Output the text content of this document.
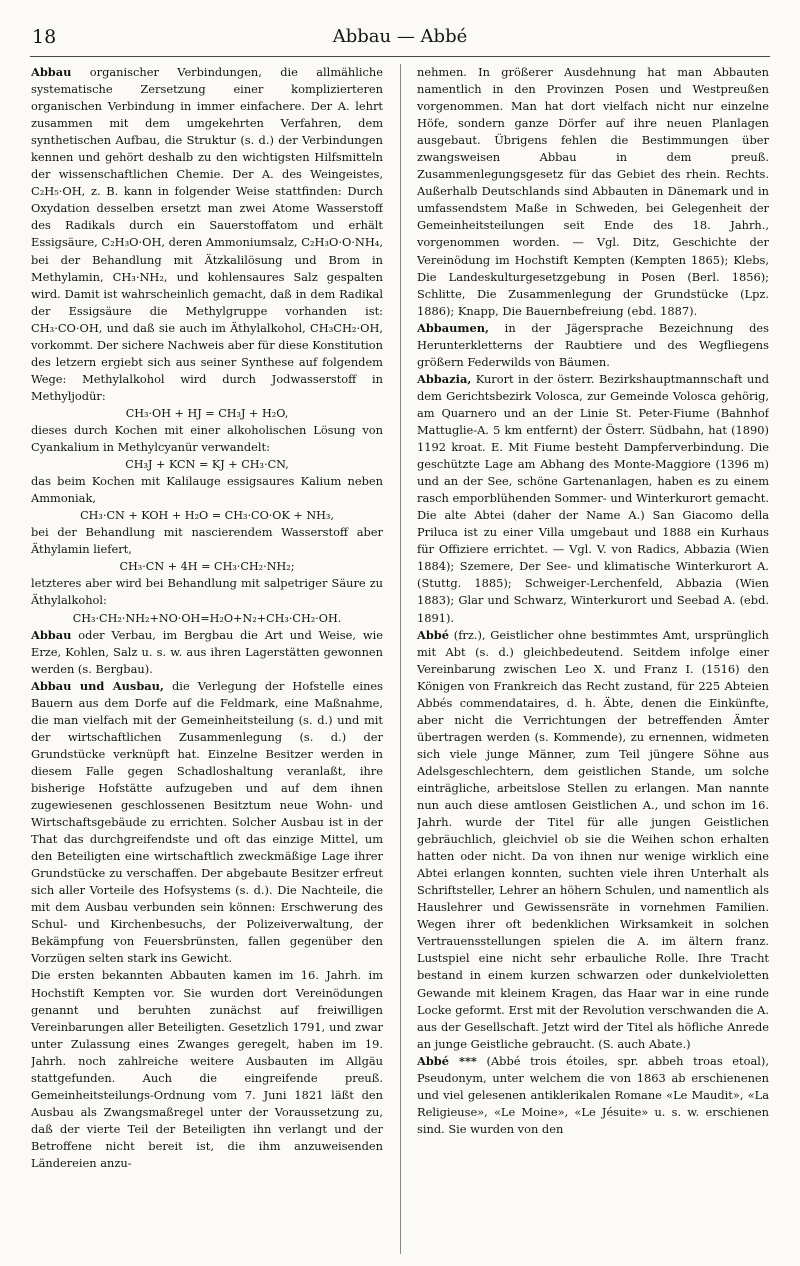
18	Abbau — Abbé

Abbau organischer Verbindungen, die allmähliche systematische Zersetzung einer komplizierteren organischen Verbindung in immer einfachere. Der A. lehrt zusammen mit dem umgekehrten Verfahren, dem synthetischen Aufbau, die Struktur (s. d.) der Verbindungen kennen und gehört deshalb zu den wichtigsten Hilfsmitteln der wissenschaftlichen Chemie. Der A. des Weingeistes, C₂H₅·OH, z. B. kann in folgender Weise stattfinden: Durch Oxydation desselben ersetzt man zwei Atome Wasserstoff des Radikals durch ein Sauerstoffatom und erhält Essigsäure, C₂H₃O·OH, deren Ammoniumsalz, C₂H₃O·O·NH₄, bei der Behandlung mit Ätzkalilösung und Brom in Methylamin, CH₃·NH₂, und kohlensaures Salz gespalten wird. Damit ist wahrscheinlich gemacht, daß in dem Radikal der Essigsäure die Methylgruppe vorhanden ist: CH₃·CO·OH, und daß sie auch im Äthylalkohol, CH₃CH₂·OH, vorkommt. Der sichere Nachweis aber für diese Konstitution des letzern ergiebt sich aus seiner Synthese auf folgendem Wege: Methylalkohol wird durch Jodwasserstoff in Methyljodür:

CH₃·OH + HJ = CH₃J + H₂O,

dieses durch Kochen mit einer alkoholischen Lösung von Cyankalium in Methylcyanür verwandelt:

CH₃J + KCN = KJ + CH₃·CN,

das beim Kochen mit Kalilauge essigsaures Kalium neben Ammoniak,

CH₃·CN + KOH + H₂O = CH₃·CO·OK + NH₃,

bei der Behandlung mit nascierendem Wasserstoff aber Äthylamin liefert,

CH₃·CN + 4H = CH₃·CH₂·NH₂;

letzteres aber wird bei Behandlung mit salpetriger Säure zu Äthylalkohol:

CH₃·CH₂·NH₂+NO·OH=H₂O+N₂+CH₃·CH₂·OH.

Abbau oder Verbau, im Bergbau die Art und Weise, wie Erze, Kohlen, Salz u. s. w. aus ihren Lagerstätten gewonnen werden (s. Bergbau).

Abbau und Ausbau, die Verlegung der Hofstelle eines Bauern aus dem Dorfe auf die Feldmark, eine Maßnahme, die man vielfach mit der Gemeinheitsteilung (s. d.) und mit der wirtschaftlichen Zusammenlegung (s. d.) der Grundstücke verknüpft hat. Einzelne Besitzer werden in diesem Falle gegen Schadloshaltung veranlaßt, ihre bisherige Hofstätte aufzugeben und auf dem ihnen zugewiesenen geschlossenen Besitztum neue Wohn- und Wirtschaftsgebäude zu errichten. Solcher Ausbau ist in der That das durchgreifendste und oft das einzige Mittel, um den Beteiligten eine wirtschaftlich zweckmäßige Lage ihrer Grundstücke zu verschaffen. Der abgebaute Besitzer erfreut sich aller Vorteile des Hofsystems (s. d.). Die Nachteile, die mit dem Ausbau verbunden sein können: Erschwerung des Schul- und Kirchenbesuchs, der Polizeiverwaltung, der Bekämpfung von Feuersbrünsten, fallen gegenüber den Vorzügen selten stark ins Gewicht.

Die ersten bekannten Abbauten kamen im 16. Jahrh. im Hochstift Kempten vor. Sie wurden dort Vereinödungen genannt und beruhten zunächst auf freiwilligen Vereinbarungen aller Beteiligten. Gesetzlich 1791, und zwar unter Zulassung eines Zwanges geregelt, haben im 19. Jahrh. noch zahlreiche weitere Ausbauten im Allgäu stattgefunden. Auch die eingreifende preuß. Gemeinheitsteilungs-Ordnung vom 7. Juni 1821 läßt den Ausbau als Zwangsmaßregel unter der Voraussetzung zu, daß der vierte Teil der Beteiligten ihn verlangt und der Betroffene nicht bereit ist, die ihm anzuweisenden Ländereien anzu-

nehmen. In größerer Ausdehnung hat man Abbauten namentlich in den Provinzen Posen und Westpreußen vorgenommen. Man hat dort vielfach nicht nur einzelne Höfe, sondern ganze Dörfer auf ihre neuen Planlagen ausgebaut. Übrigens fehlen die Bestimmungen über zwangsweisen Abbau in dem preuß. Zusammenlegungsgesetz für das Gebiet des rhein. Rechts. Außerhalb Deutschlands sind Abbauten in Dänemark und in umfassendstem Maße in Schweden, bei Gelegenheit der Gemeinheitsteilungen seit Ende des 18. Jahrh., vorgenommen worden. — Vgl. Ditz, Geschichte der Vereinödung im Hochstift Kempten (Kempten 1865); Klebs, Die Landeskulturgesetzgebung in Posen (Berl. 1856); Schlitte, Die Zusammenlegung der Grundstücke (Lpz. 1886); Knapp, Die Bauernbefreiung (ebd. 1887).

Abbaumen, in der Jägersprache Bezeichnung des Herunterkletterns der Raubtiere und des Wegfliegens größern Federwilds von Bäumen.

Abbazia, Kurort in der österr. Bezirkshauptmannschaft und dem Gerichtsbezirk Volosca, zur Gemeinde Volosca gehörig, am Quarnero und an der Linie St. Peter-Fiume (Bahnhof Mattuglie-A. 5 km entfernt) der Österr. Südbahn, hat (1890) 1192 kroat. E. Mit Fiume besteht Dampferverbindung. Die geschützte Lage am Abhang des Monte-Maggiore (1396 m) und an der See, schöne Gartenanlagen, haben es zu einem rasch emporblühenden Sommer- und Winterkurort gemacht. Die alte Abtei (daher der Name A.) San Giacomo della Priluca ist zu einer Villa umgebaut und 1888 ein Kurhaus für Offiziere errichtet. — Vgl. V. von Radics, Abbazia (Wien 1884); Szemere, Der See- und klimatische Winterkurort A. (Stuttg. 1885); Schweiger-Lerchenfeld, Abbazia (Wien 1883); Glar und Schwarz, Winterkurort und Seebad A. (ebd. 1891).

Abbé (frz.), Geistlicher ohne bestimmtes Amt, ursprünglich mit Abt (s. d.) gleichbedeutend. Seitdem infolge einer Vereinbarung zwischen Leo X. und Franz I. (1516) den Königen von Frankreich das Recht zustand, für 225 Abteien Abbés commendataires, d. h. Äbte, denen die Einkünfte, aber nicht die Verrichtungen der betreffenden Ämter übertragen werden (s. Kommende), zu ernennen, widmeten sich viele junge Männer, zum Teil jüngere Söhne aus Adelsgeschlechtern, dem geistlichen Stande, um solche einträgliche, arbeitslose Stellen zu erlangen. Man nannte nun auch diese amtlosen Geistlichen A., und schon im 16. Jahrh. wurde der Titel für alle jungen Geistlichen gebräuchlich, gleichviel ob sie die Weihen schon erhalten hatten oder nicht. Da von ihnen nur wenige wirklich eine Abtei erlangen konnten, suchten viele ihren Unterhalt als Schriftsteller, Lehrer an höhern Schulen, und namentlich als Hauslehrer und Gewissensräte in vornehmen Familien. Wegen ihrer oft bedenklichen Wirksamkeit in solchen Vertrauensstellungen spielen die A. im ältern franz. Lustspiel eine nicht sehr erbauliche Rolle. Ihre Tracht bestand in einem kurzen schwarzen oder dunkelvioletten Gewande mit kleinem Kragen, das Haar war in eine runde Locke geformt. Erst mit der Revolution verschwanden die A. aus der Gesellschaft. Jetzt wird der Titel als höfliche Anrede an junge Geistliche gebraucht. (S. auch Abate.)

Abbé *** (Abbé trois étoiles, spr. abbeh troas etoal), Pseudonym, unter welchem die von 1863 ab erschienenen und viel gelesenen antiklerikalen Romane «Le Maudit», «La Religieuse», «Le Moine», «Le Jésuite» u. s. w. erschienen sind. Sie wurden von den
